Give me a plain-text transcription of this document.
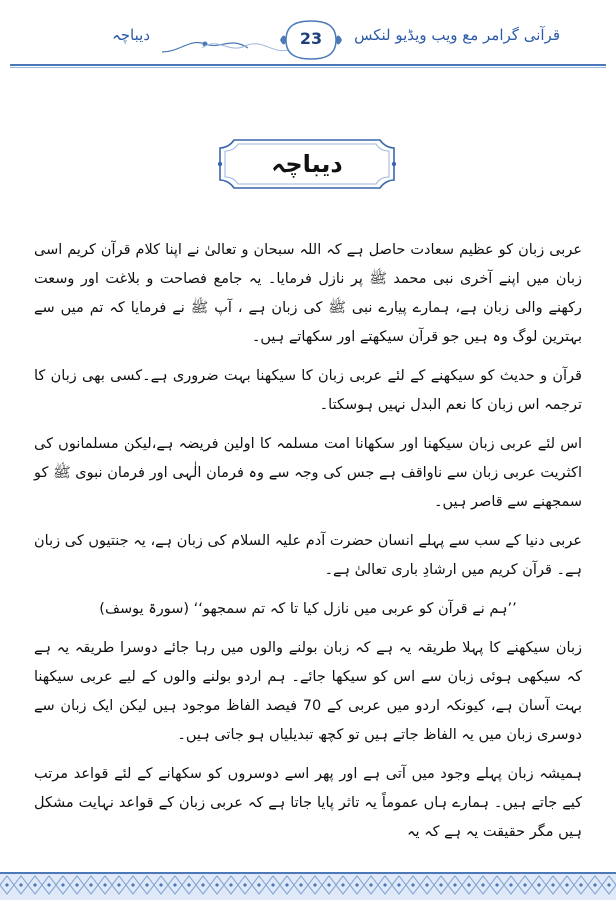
دیباچہ	23	قرآنی گرامر مع ویب ویڈیو لنکس
دیباچہ

عربی زبان کو عظیم سعادت حاصل ہے کہ اللہ سبحان و تعالیٰ نے اپنا کلام قرآن کریم اسی زبان میں اپنے آخری نبی محمد ﷺ پر نازل فرمایا۔ یہ جامع فصاحت و بلاغت اور وسعت رکھنے والی زبان ہے، ہمارے پیارے نبی ﷺ کی زبان ہے ، آپ ﷺ نے فرمایا کہ تم میں سے بہترین لوگ وہ ہیں جو قرآن سیکھتے اور سکھاتے ہیں۔

قرآن و حدیث کو سیکھنے کے لئے عربی زبان کا سیکھنا بہت ضروری ہے۔کسی بھی زبان کا ترجمہ اس زبان کا نعم البدل نہیں ہوسکتا۔

اس لئے عربی زبان سیکھنا اور سکھانا امت مسلمہ کا اولین فریضہ ہے،لیکن مسلمانوں کی اکثریت عربی زبان سے ناواقف ہے جس کی وجہ سے وہ فرمان الٰہی اور فرمان نبوی ﷺ کو سمجھنے سے قاصر ہیں۔

عربی دنیا کے سب سے پہلے انسان حضرت آدم علیہ السلام کی زبان ہے، یہ جنتیوں کی زبان ہے۔ قرآن کریم میں ارشادِ باری تعالیٰ ہے۔

’’ہم نے قرآن کو عربی میں نازل کیا تا کہ تم سمجھو‘‘ (سورۃ یوسف)

زبان سیکھنے کا پہلا طریقہ یہ ہے کہ زبان بولنے والوں میں رہا جائے دوسرا طریقہ یہ ہے کہ سیکھی ہوئی زبان سے اس کو سیکھا جائے۔ ہم اردو بولنے والوں کے لیے عربی سیکھنا بہت آسان ہے، کیونکہ اردو میں عربی کے 70 فیصد الفاظ موجود ہیں لیکن ایک زبان سے دوسری زبان میں یہ الفاظ جاتے ہیں تو کچھ تبدیلیاں ہو جاتی ہیں۔

ہمیشہ زبان پہلے وجود میں آتی ہے اور پھر اسے دوسروں کو سکھانے کے لئے قواعد مرتب کیے جاتے ہیں۔ ہمارے ہاں عموماً یہ تاثر پایا جاتا ہے کہ عربی زبان کے قواعد نہایت مشکل ہیں مگر حقیقت یہ ہے کہ یہ
